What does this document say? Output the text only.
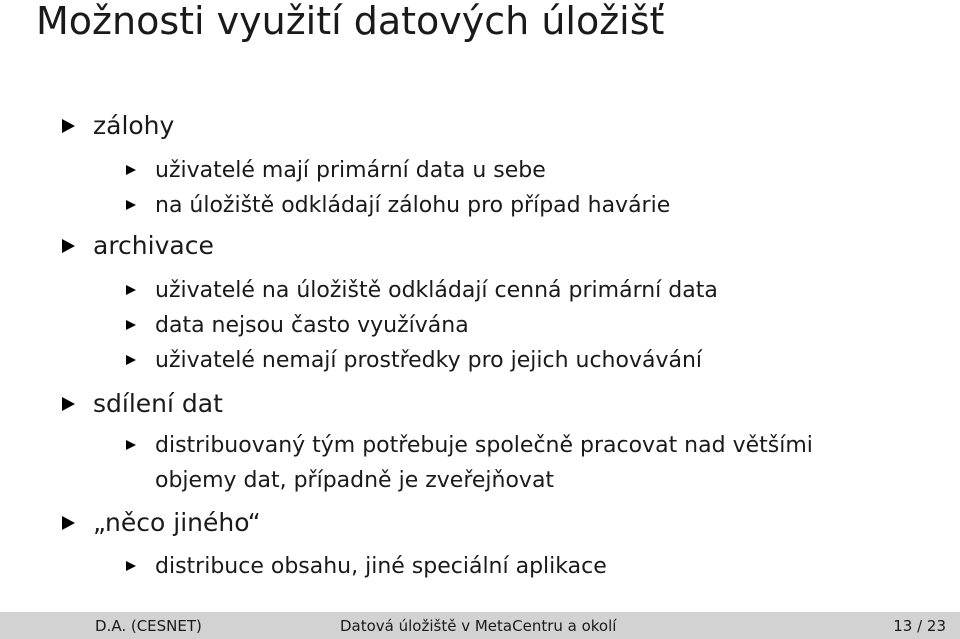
Možnosti využití datových úložišť
zálohy
uživatelé mají primární data u sebe
na úložiště odkládají zálohu pro případ havárie
archivace
uživatelé na úložiště odkládají cenná primární data
data nejsou často využívána
uživatelé nemají prostředky pro jejich uchovávání
sdílení dat
distribuovaný tým potřebuje společně pracovat nad většími objemy dat, případně je zveřejňovat
„něco jiného“
distribuce obsahu, jiné speciální aplikace
D.A. (CESNET)	Datová úložiště v MetaCentru a okolí	13 / 23
